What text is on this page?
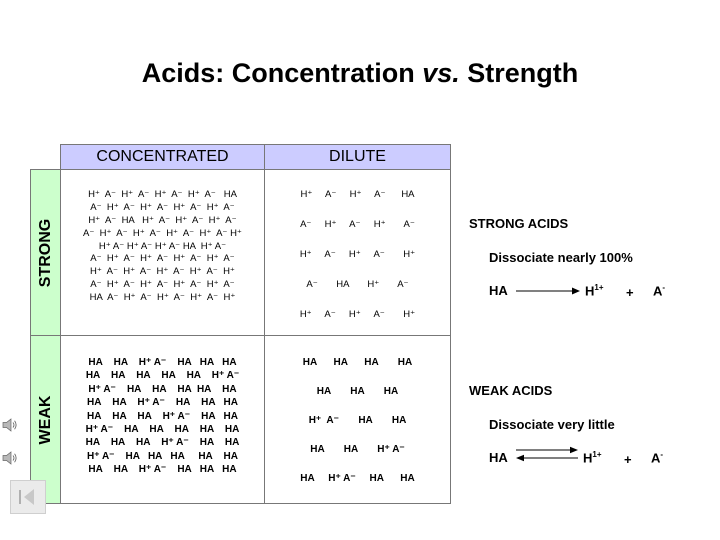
Acids: Concentration vs. Strength
CONCENTRATED	DILUTE
STRONG
WEAK
H⁺  A⁻  H⁺  A⁻  H⁺  A⁻  H⁺  A⁻   HA
A⁻  H⁺  A⁻  H⁺  A⁻  H⁺  A⁻  H⁺  A⁻
H⁺  A⁻  HA   H⁺  A⁻  H⁺  A⁻  H⁺  A⁻
A⁻  H⁺  A⁻  H⁺  A⁻  H⁺  A⁻  H⁺  A⁻ H⁺
H⁺ A⁻ H⁺ A⁻ H⁺ A⁻ HA  H⁺ A⁻
A⁻  H⁺  A⁻  H⁺  A⁻  H⁺  A⁻  H⁺  A⁻
H⁺  A⁻  H⁺  A⁻  H⁺  A⁻  H⁺  A⁻  H⁺
A⁻  H⁺  A⁻  H⁺  A⁻  H⁺  A⁻  H⁺  A⁻
HA  A⁻  H⁺  A⁻  H⁺  A⁻  H⁺  A⁻  H⁺
H⁺     A⁻     H⁺     A⁻      HA
A⁻     H⁺     A⁻     H⁺       A⁻
H⁺     A⁻     H⁺     A⁻       H⁺
A⁻       HA       H⁺       A⁻
H⁺     A⁻     H⁺     A⁻       H⁺
HA    HA    H⁺ A⁻    HA   HA   HA
HA    HA    HA    HA    HA    H⁺ A⁻
H⁺ A⁻    HA    HA    HA  HA    HA
HA    HA    H⁺ A⁻    HA    HA   HA
HA    HA    HA    H⁺ A⁻    HA   HA
H⁺ A⁻    HA    HA    HA    HA    HA
HA    HA    HA    H⁺ A⁻    HA    HA
H⁺ A⁻    HA   HA   HA     HA    HA
HA    HA    H⁺ A⁻    HA   HA   HA
HA      HA      HA       HA
HA       HA       HA
H⁺  A⁻       HA       HA
HA       HA       H⁺ A⁻
HA     H⁺ A⁻     HA      HA
STRONG ACIDS
Dissociate nearly 100%
HA	$H^{1+} + A^-$
WEAK ACIDS
Dissociate very little
HA ⇌ $H^{1+} + A^-$
